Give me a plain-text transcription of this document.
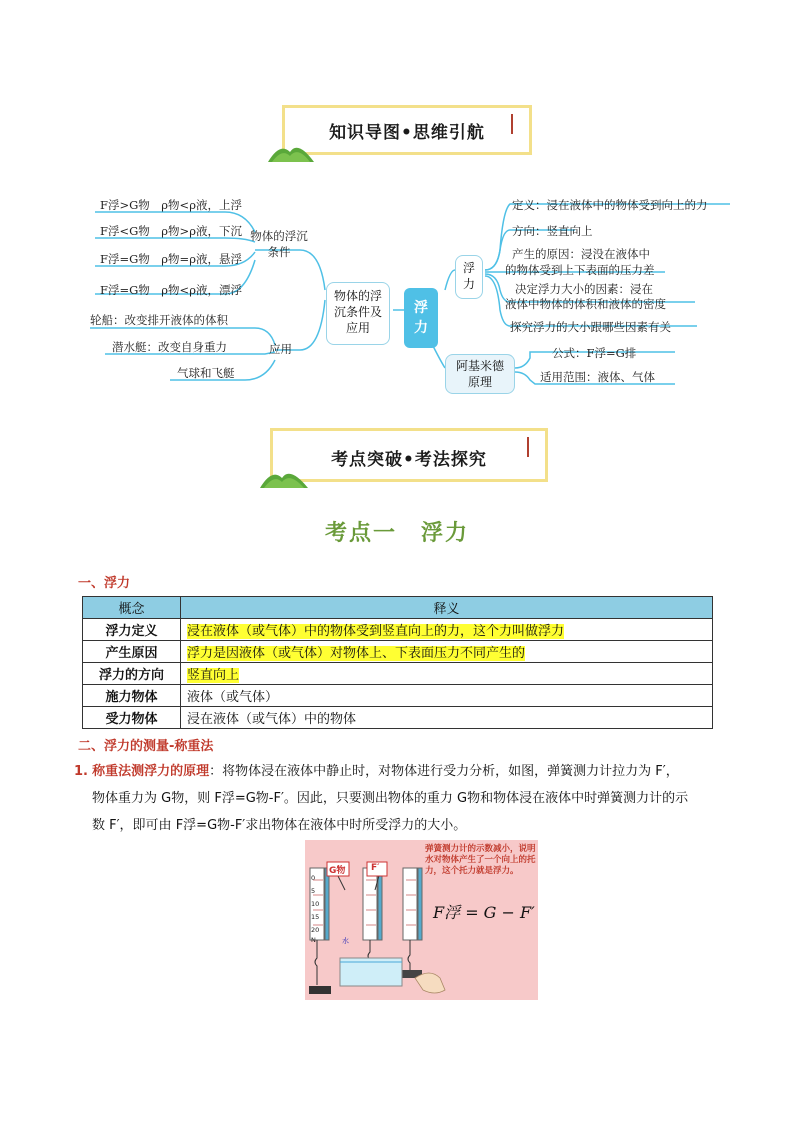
知识导图•思维引航
F浮>G物　ρ物<ρ液，上浮
F浮<G物　ρ物>ρ液，下沉
F浮=G物　ρ物=ρ液，悬浮
F浮=G物　ρ物<ρ液，漂浮
物体的浮沉条件
轮船：改变排开液体的体积
潜水艇：改变自身重力
气球和飞艇
应用
物体的浮沉条件及应用
浮力
浮力
阿基米德原理
定义：浸在液体中的物体受到向上的力
方向：竖直向上
产生的原因：浸没在液体中
的物体受到上下表面的压力差
决定浮力大小的因素：浸在
液体中物体的体积和液体的密度
探究浮力的大小跟哪些因素有关
公式：F浮=G排
适用范围：液体、气体
考点突破•考法探究
考点一　浮力
一、浮力
概念	释义
浮力定义	浸在液体（或气体）中的物体受到竖直向上的力，这个力叫做浮力
产生原因	浮力是因液体（或气体）对物体上、下表面压力不同产生的
浮力的方向	竖直向上
施力物体	液体（或气体）
受力物体	浸在液体（或气体）中的物体
二、浮力的测量-称重法
1. 称重法测浮力的原理：将物体浸在液体中静止时，对物体进行受力分析，如图，弹簧测力计拉力为 F′，
物体重力为 G物，则 F浮=G物-F′。因此，只要测出物体的重力 G物和物体浸在液体中时弹簧测力计的示
数 F′，即可由 F浮=G物-F′求出物体在液体中时所受浮力的大小。
G物	F′
水
0
5
10
15
20
N
弹簧测力计的示数减小，说明水对物体产生了一个向上的托力，这个托力就是浮力。
F浮 = G − F′
